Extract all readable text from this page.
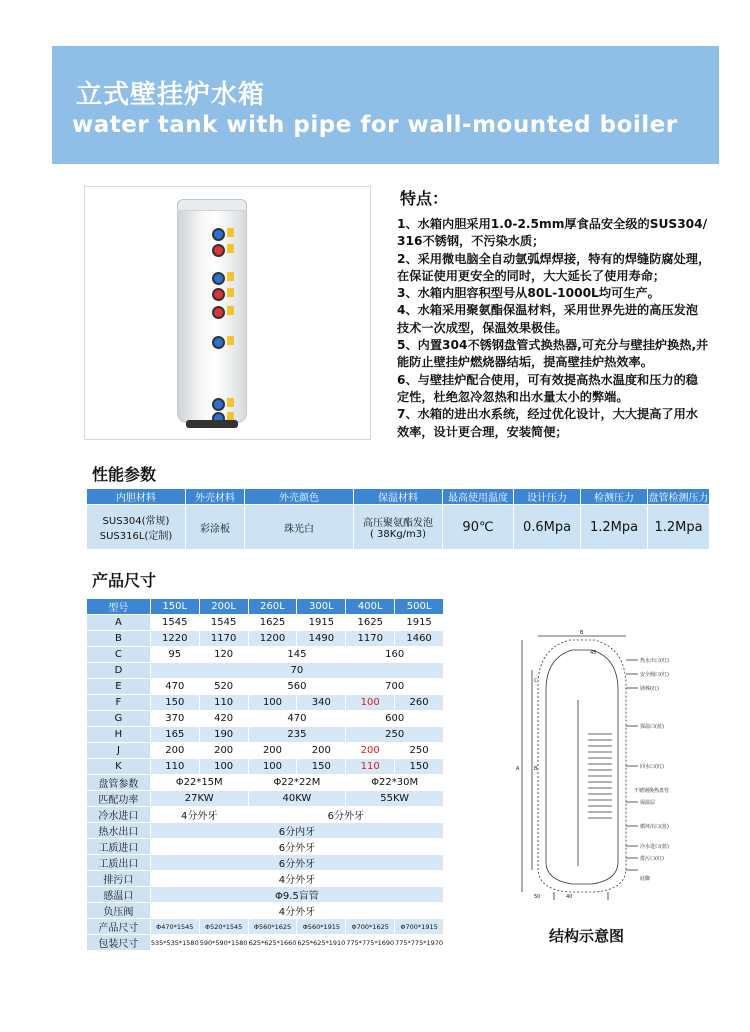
立式壁挂炉水箱
water tank with pipe for wall-mounted boiler
特点：
1、水箱内胆采用1.0-2.5mm厚食品安全级的SUS304/
316不锈钢，不污染水质；
2、采用微电脑全自动氩弧焊焊接，特有的焊缝防腐处理，
在保证使用更安全的同时，大大延长了使用寿命；
3、水箱内胆容积型号从80L-1000L均可生产。
4、水箱采用聚氨酯保温材料，采用世界先进的高压发泡
技术一次成型，保温效果极佳。
5、内置304不锈钢盘管式换热器,可充分与壁挂炉换热,并
能防止壁挂炉燃烧器结垢，提高壁挂炉热效率。
6、与壁挂炉配合使用，可有效提高热水温度和压力的稳
定性，杜绝忽冷忽热和出水量太小的弊端。
7、水箱的进出水系统，经过优化设计，大大提高了用水
效率，设计更合理，安装简便；
性能参数
内胆材料	外壳材料	外壳颜色	保温材料	最高使用温度	设计压力	检测压力	盘管检测压力
SUS304(常规)
SUS316L(定制)	彩涂板	珠光白	高压聚氨酯发泡
( 38Kg/m3)	90℃	0.6Mpa	1.2Mpa	1.2Mpa
产品尺寸
型号	150L	200L	260L	300L	400L	500L
A	1545	1545	1625	1915	1625	1915
B	1220	1170	1200	1490	1170	1460
C	95	120	145		160	
D	70					
E	470	520	560		700	
F	150	110	100	340	100	260
G	370	420	470		600	
H	165	190	235		250	
J	200	200	200	200	200	250
K	110	100	100	150	110	150
盘管参数	Φ22*15M		Φ22*22M		Φ22*30M	
匹配功率	27KW		40KW		55KW	
冷水进口	4分外牙		6分外牙			
热水出口	6分内牙					
工质进口	6分外牙					
工质出口	6分外牙					
排污口	4分外牙					
感温口	Φ9.5盲管					
负压阀	4分外牙					
产品尺寸	Φ470*1545	Φ520*1545	Φ560*1625	Φ560*1915	Φ700*1625	Φ700*1915
包装尺寸	535*535*1580	590*590*1580	625*625*1660	625*625*1910	775*775*1690	775*775*1970
B
45
C
A	B
40
50
热水出口(红)
安全阀口(红)
镁棒(红)
探温口(蓝)
回水口(红)
不锈钢换热盘管
保温层
循环出口(蓝)
冷水进口(蓝)
排污口(红)
底脚
结构示意图
